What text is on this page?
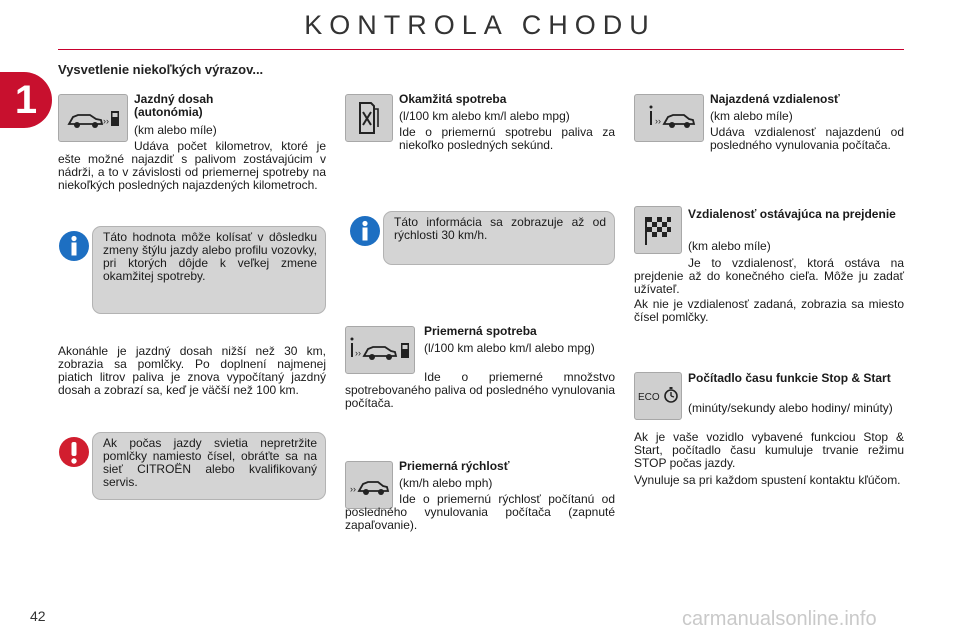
KONTROLA CHODU
1
Vysvetlenie niekoľkých výrazov...
››
Jazdný dosah (autonómia)
(km alebo míle)
Udáva počet kilometrov, ktoré je ešte možné najazdiť s palivom zostávajúcim v nádrži, a to v závislosti od priemernej spotreby na niekoľkých posledných najazdených kilometroch.
Táto hodnota môže kolísať v dôsledku zmeny štýlu jazdy alebo profilu vozovky, pri ktorých dôjde k veľkej zmene okamžitej spotreby.
Akonáhle je jazdný dosah nižší než 30 km, zobrazia sa pomlčky. Po doplnení najmenej piatich litrov paliva je znova vypočítaný jazdný dosah a zobrazí sa, keď je väčší než 100 km.
Ak počas jazdy svietia nepretržite pomlčky namiesto čísel, obráťte sa na sieť CITROËN alebo kvalifikovaný servis.
Okamžitá spotreba
(l/100 km alebo km/l alebo mpg)
Ide o priemernú spotrebu paliva za niekoľko posledných sekúnd.
Táto informácia sa zobrazuje až od rýchlosti 30 km/h.
››
Priemerná spotreba
(l/100 km alebo km/l alebo mpg)
Ide o priemerné množstvo spotrebovaného paliva od posledného vynulovania počítača.
››
Priemerná rýchlosť
(km/h alebo mph)
Ide o priemernú rýchlosť počítanú od posledného vynulovania počítača (zapnuté zapaľovanie).
››
Najazdená vzdialenosť
(km alebo míle)
Udáva vzdialenosť najazdenú od posledného vynulovania počítača.
Vzdialenosť ostávajúca na prejdenie
(km alebo míle)
Je to vzdialenosť, ktorá ostáva na prejdenie až do konečného cieľa. Môže ju zadať užívateľ.
Ak nie je vzdialenosť zadaná, zobrazia sa miesto čísel pomlčky.
ECO
Počítadlo času funkcie Stop & Start
(minúty/sekundy alebo hodiny/ minúty)
Ak je vaše vozidlo vybavené funkciou Stop & Start, počítadlo času kumuluje trvanie režimu STOP počas jazdy.
Vynuluje sa pri každom spustení kontaktu kľúčom.
42	carmanualsonline.info
